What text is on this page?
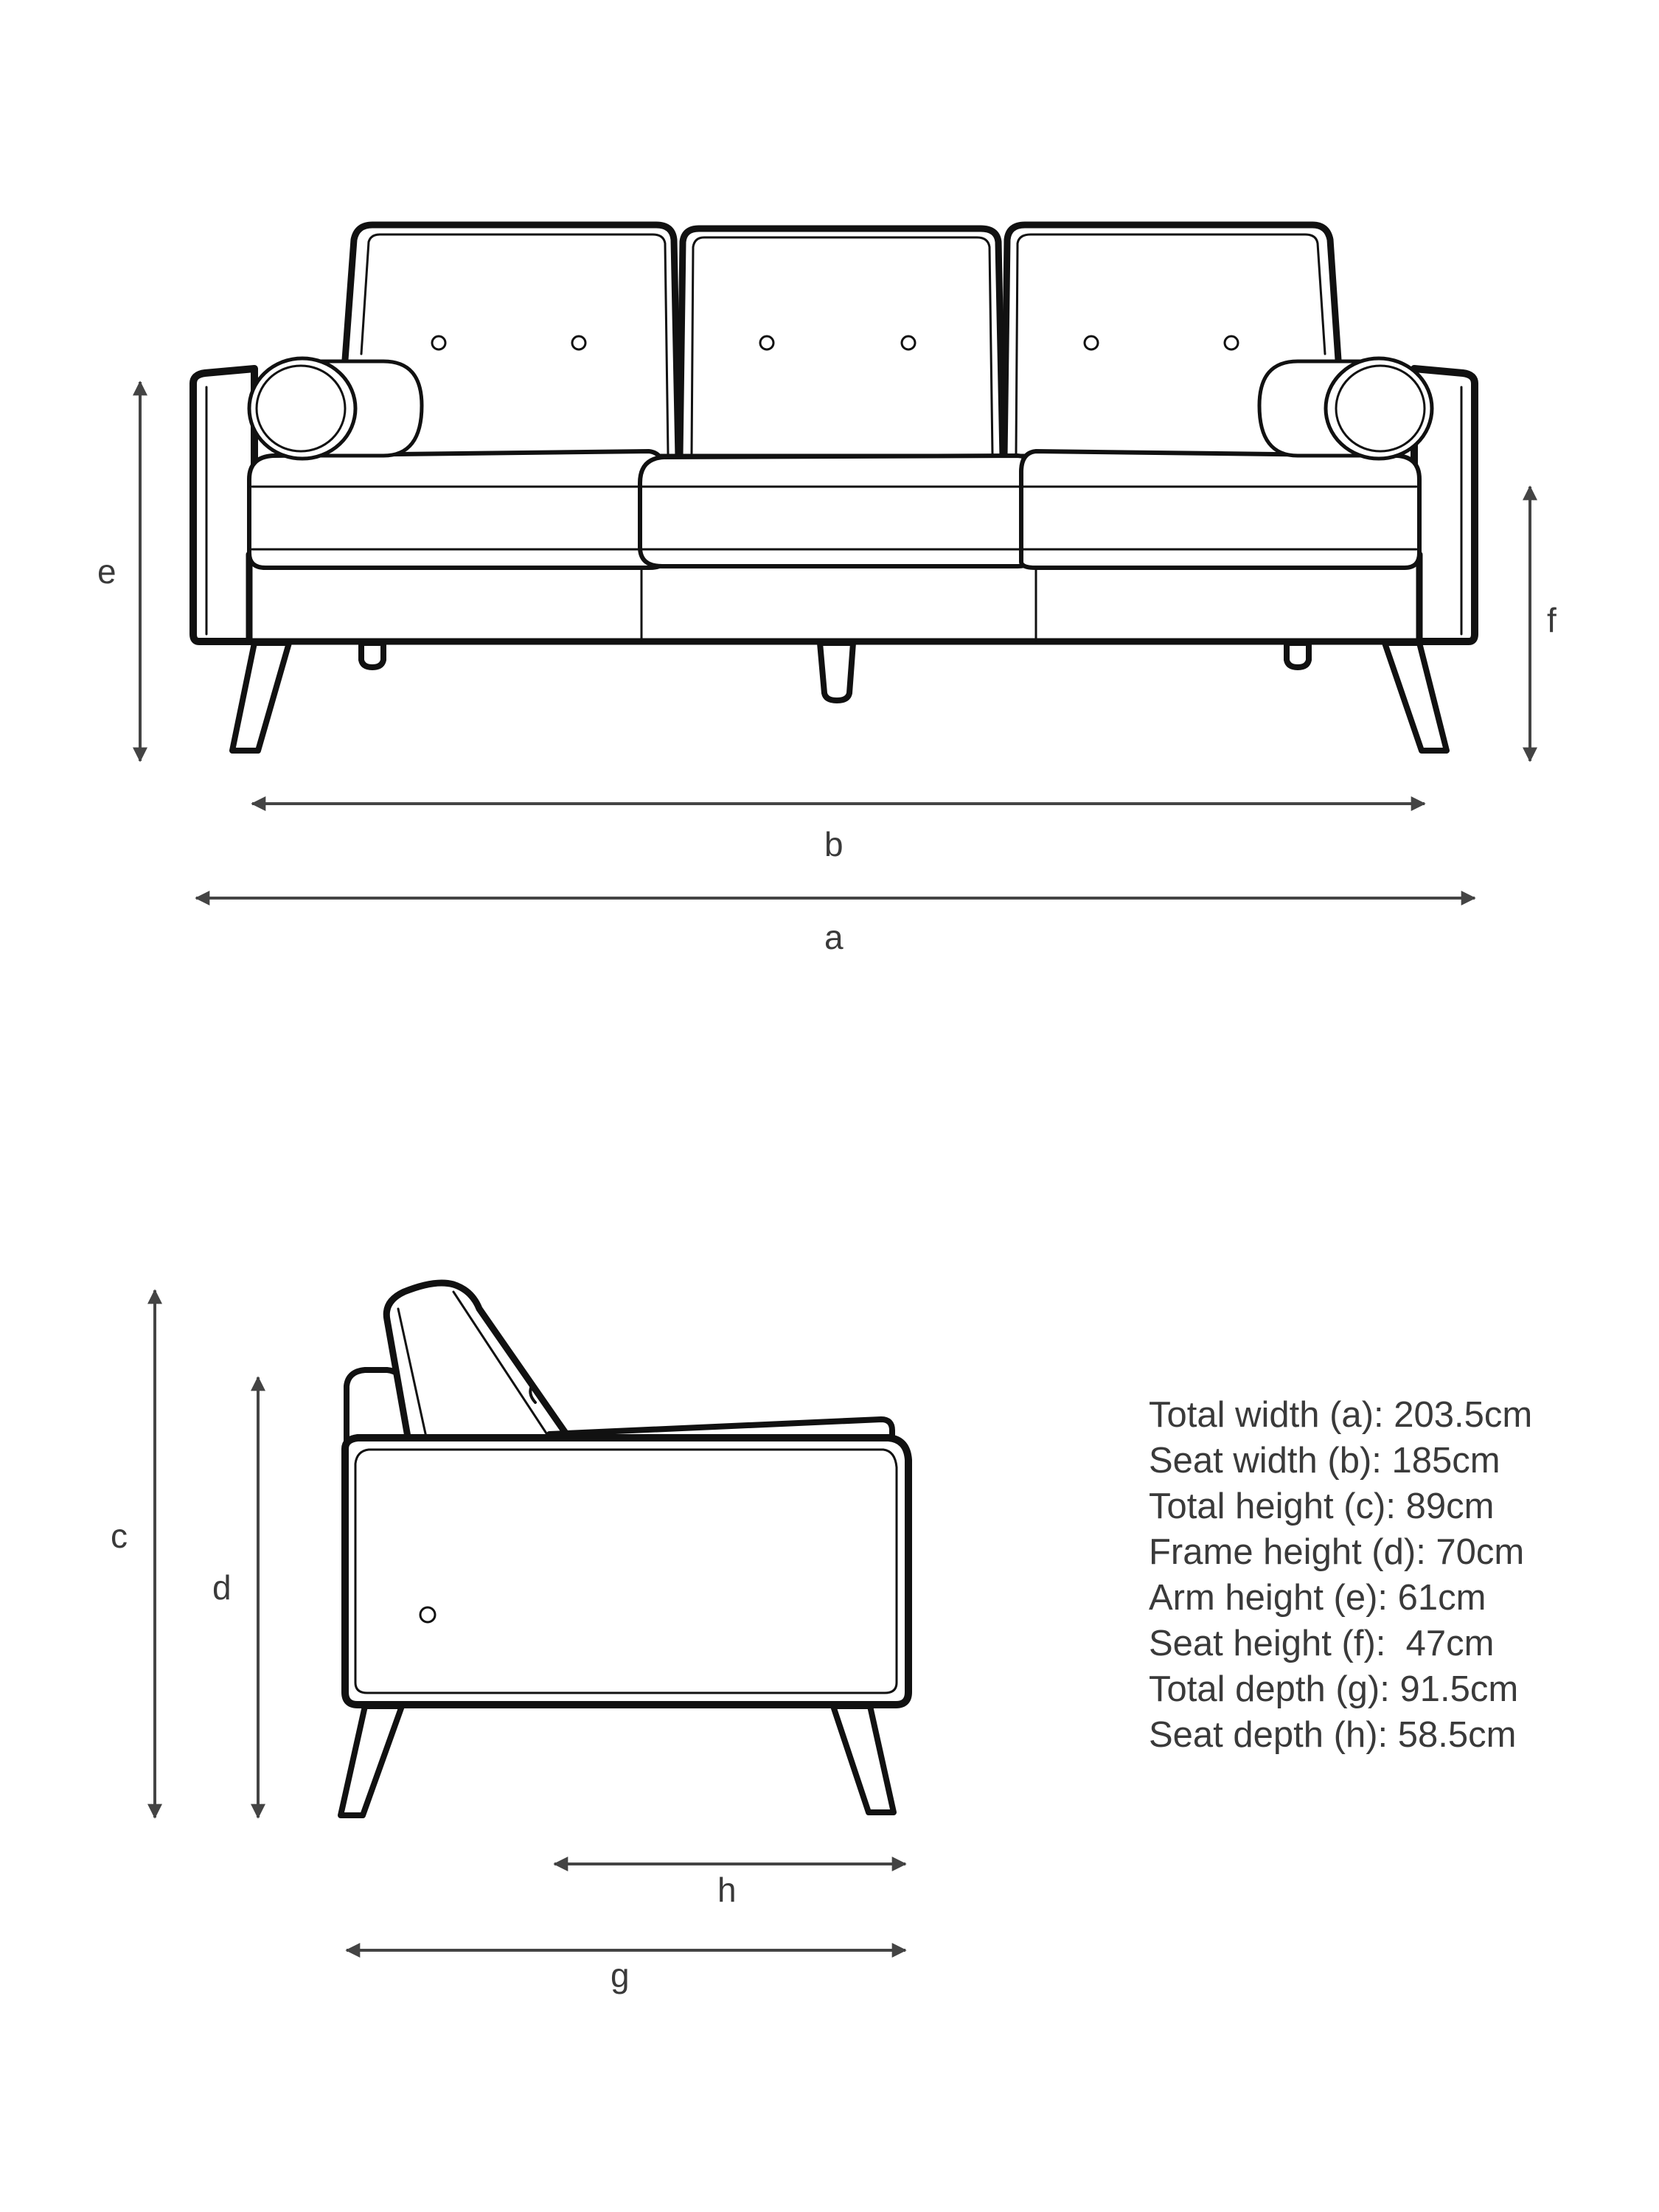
e
f
b
a
c
d
h
g
Total width (a): 203.5cm
Seat width (b): 185cm
Total height (c): 89cm
Frame height (d): 70cm
Arm height (e): 61cm
Seat height (f):  47cm
Total depth (g): 91.5cm
Seat depth (h): 58.5cm
